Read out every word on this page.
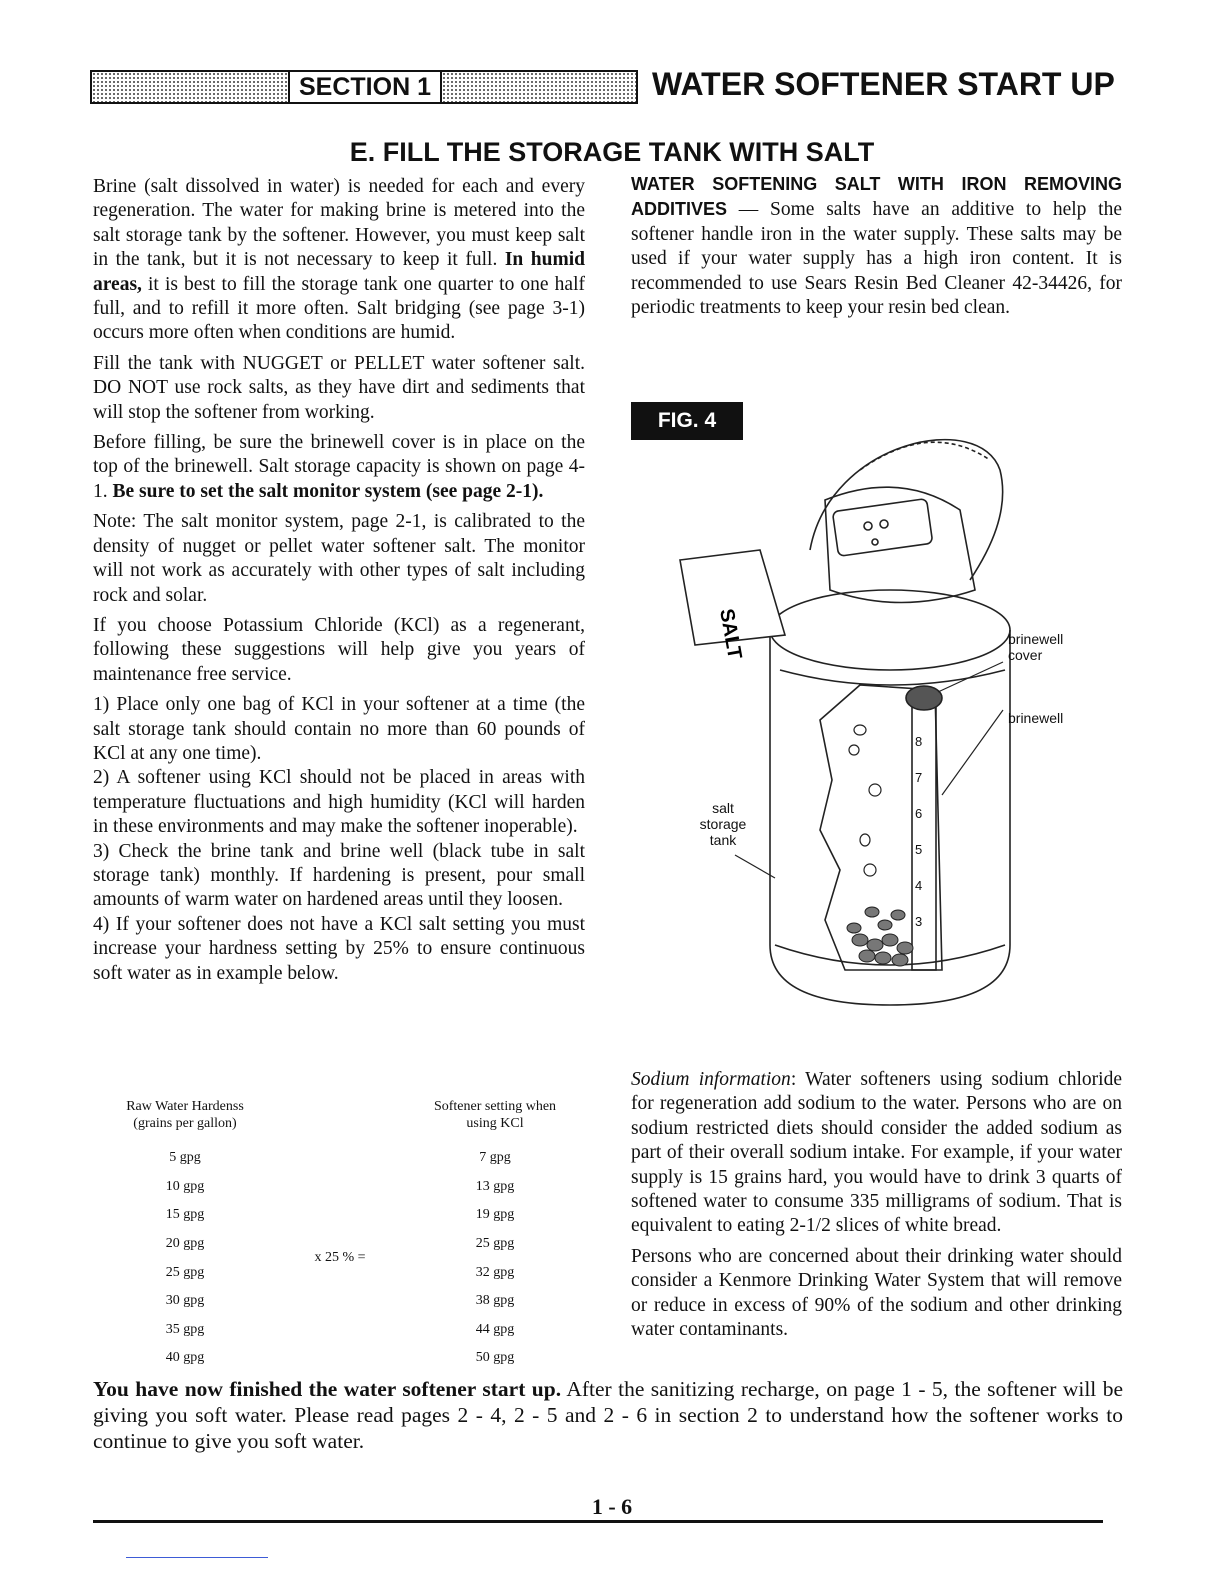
SECTION 1	WATER SOFTENER START UP
E. FILL THE STORAGE TANK WITH SALT

Brine (salt dissolved in water) is needed for each and every regeneration. The water for making brine is metered into the salt storage tank by the softener. However, you must keep salt in the tank, but it is not necessary to keep it full. In humid areas, it is best to fill the storage tank one quarter to one half full, and to refill it more often. Salt bridging (see page 3-1) occurs more often when conditions are humid.

Fill the tank with NUGGET or PELLET water softener salt. DO NOT use rock salts, as they have dirt and sediments that will stop the softener from working.

Before filling, be sure the brinewell cover is in place on the top of the brinewell. Salt storage capacity is shown on page 4-1. Be sure to set the salt monitor system (see page 2-1).

Note: The salt monitor system, page 2-1, is calibrated to the density of nugget or pellet water softener salt. The monitor will not work as accurately with other types of salt including rock and solar.

If you choose Potassium Chloride (KCl) as a regenerant, following these suggestions will help give you years of maintenance free service.

1) Place only one bag of KCl in your softener at a time (the salt storage tank should contain no more than 60 pounds of KCl at any one time).

2) A softener using KCl should not be placed in areas with temperature fluctuations and high humidity (KCl will harden in these environments and may make the softener inoperable).

3) Check the brine tank and brine well (black tube in salt storage tank) monthly. If hardening is present, pour small amounts of warm water on hardened areas until they loosen.

4) If your softener does not have a KCl salt setting you must increase your hardness setting by 25% to ensure continuous soft water as in example below.

Raw Water Hardenss
(grains per gallon)		Softener setting when
using KCl
5 gpg		7 gpg
10 gpg		13 gpg
15 gpg		19 gpg
20 gpg	x 25 % =	25 gpg
25 gpg		32 gpg
30 gpg		38 gpg
35 gpg		44 gpg
40 gpg		50 gpg

WATER SOFTENING SALT WITH IRON REMOVING ADDITIVES — Some salts have an additive to help the softener handle iron in the water supply. These salts may be used if your water supply has a high iron content. It is recommended to use Sears Resin Bed Cleaner 42-34426, for periodic treatments to keep your resin bed clean.

FIG. 4
SALT
8
7
6
5
4
3
brinewell
cover
brinewell
salt
storage
tank

Sodium information: Water softeners using sodium chloride for regeneration add sodium to the water. Persons who are on sodium restricted diets should consider the added sodium as part of their overall sodium intake. For example, if your water supply is 15 grains hard, you would have to drink 3 quarts of softened water to consume 335 milligrams of sodium. That is equivalent to eating 2-1/2 slices of white bread.

Persons who are concerned about their drinking water should consider a Kenmore Drinking Water System that will remove or reduce in excess of 90% of the sodium and other drinking water contaminants.

You have now finished the water softener start up. After the sanitizing recharge, on page 1 - 5, the softener will be giving you soft water. Please read pages 2 - 4, 2 - 5 and 2 - 6 in section 2 to understand how the softener works to continue to give you soft water.
1 - 6
